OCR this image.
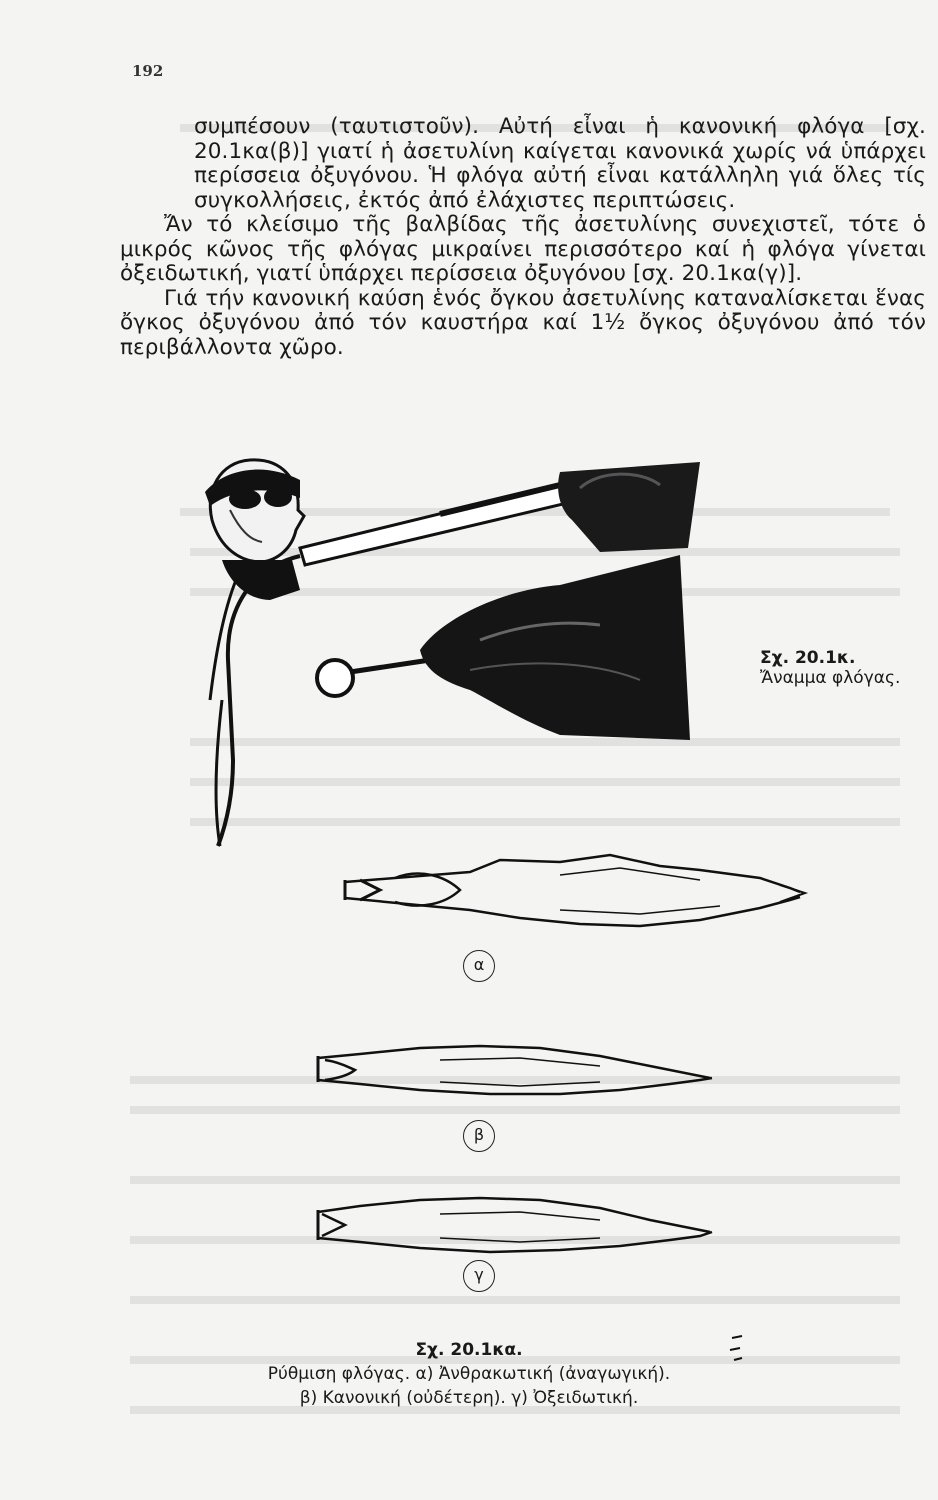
192

συμπέσουν (ταυτιστοῦν). Αὐτή εἶναι ἡ κανονική φλόγα [σχ. 20.1κα(β)] γιατί ἡ ἀσετυλίνη καίγεται κανονικά χωρίς νά ὑπάρχει περίσσεια ὀξυγόνου. Ἡ φλόγα αὐτή εἶναι κατάλληλη γιά ὅλες τίς συγκολλήσεις, ἐκτός ἀπό ἐλάχιστες περιπτώσεις.

Ἄν τό κλείσιμο τῆς βαλβίδας τῆς ἀσετυλίνης συνεχιστεῖ, τότε ὁ μικρός κῶνος τῆς φλόγας μικραίνει περισσότερο καί ἡ φλόγα γίνεται ὀξειδωτική, γιατί ὑπάρχει περίσσεια ὀξυγόνου [σχ. 20.1κα(γ)].

Γιά τήν κανονική καύση ἑνός ὄγκου ἀσετυλίνης καταναλίσκεται ἕνας ὄγκος ὀξυγόνου ἀπό τόν καυστήρα καί 1½ ὄγκος ὀξυγόνου ἀπό τόν περιβάλλοντα χῶρο.

Σχ. 20.1κ.
Ἄναμμα φλόγας.
α
β
γ
Σχ. 20.1κα.
Ρύθμιση φλόγας. α) Ἀνθρακωτική (ἀναγωγική).
β) Κανονική (οὐδέτερη). γ) Ὀξειδωτική.
